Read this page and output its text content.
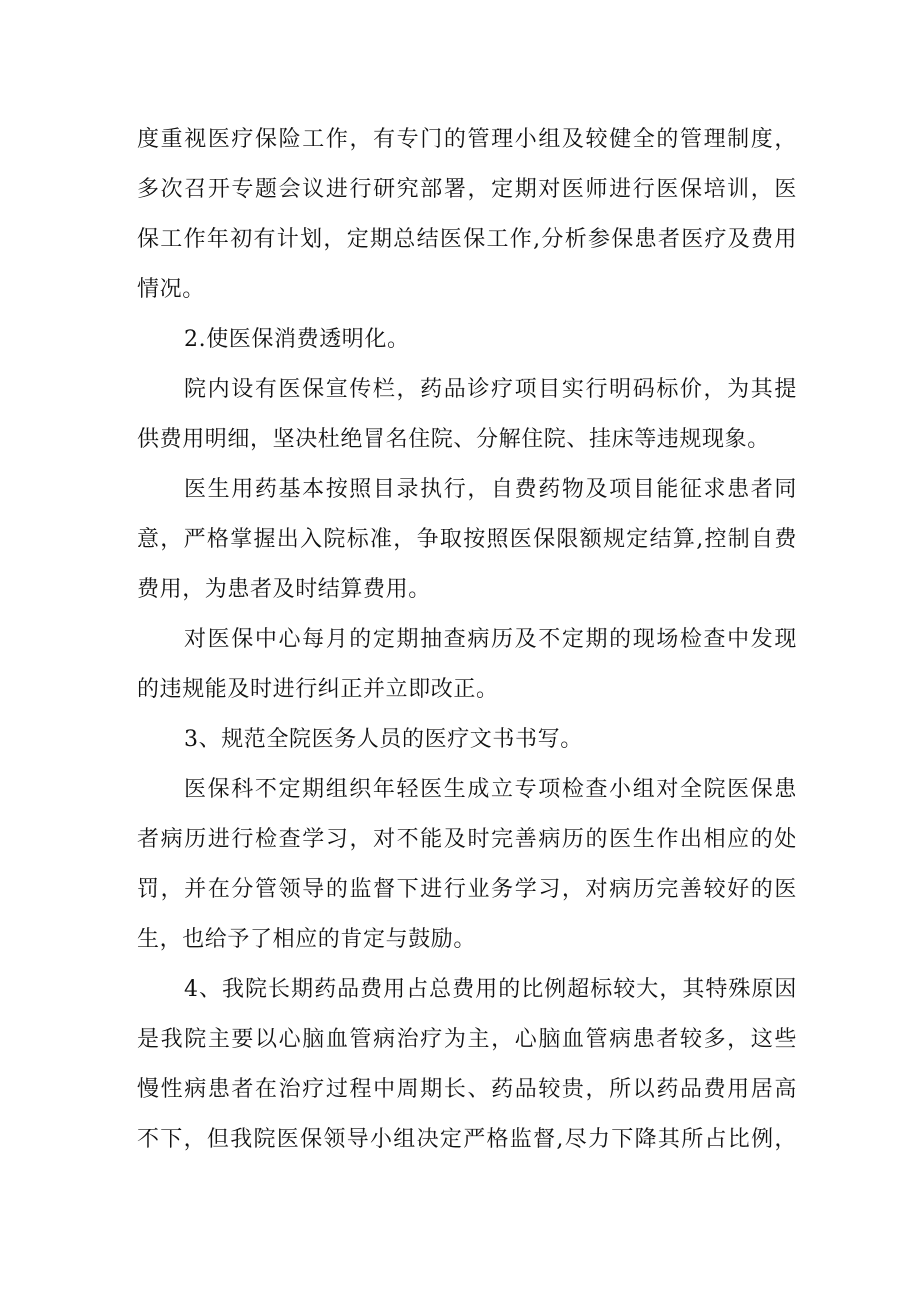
度重视医疗保险工作，有专门的管理小组及较健全的管理制度，
多次召开专题会议进行研究部署，定期对医师进行医保培训，医
保工作年初有计划，定期总结医保工作,分析参保患者医疗及费用
情况。
2.使医保消费透明化。
院内设有医保宣传栏，药品诊疗项目实行明码标价，为其提
供费用明细，坚决杜绝冒名住院、分解住院、挂床等违规现象。
医生用药基本按照目录执行，自费药物及项目能征求患者同
意，严格掌握出入院标准，争取按照医保限额规定结算,控制自费
费用，为患者及时结算费用。
对医保中心每月的定期抽查病历及不定期的现场检查中发现
的违规能及时进行纠正并立即改正。
3、规范全院医务人员的医疗文书书写。
医保科不定期组织年轻医生成立专项检查小组对全院医保患
者病历进行检查学习，对不能及时完善病历的医生作出相应的处
罚，并在分管领导的监督下进行业务学习，对病历完善较好的医
生，也给予了相应的肯定与鼓励。
4、我院长期药品费用占总费用的比例超标较大，其特殊原因
是我院主要以心脑血管病治疗为主，心脑血管病患者较多，这些
慢性病患者在治疗过程中周期长、药品较贵，所以药品费用居高
不下，但我院医保领导小组决定严格监督,尽力下降其所占比例，
